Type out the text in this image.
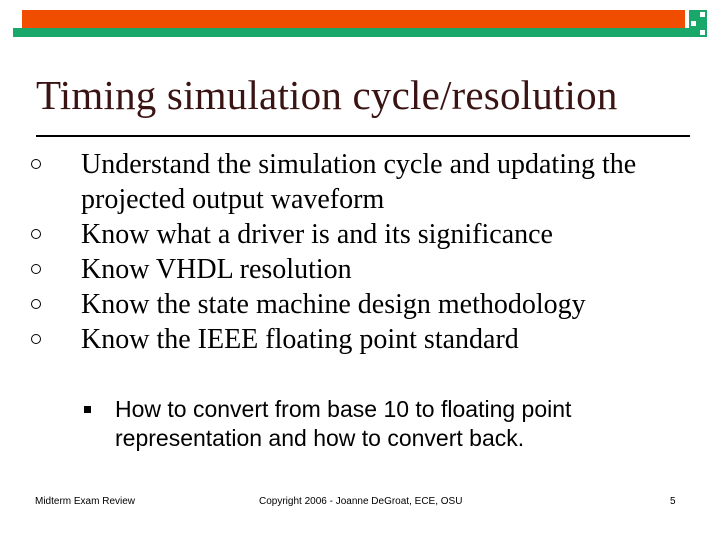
Timing simulation cycle/resolution
Understand the simulation cycle and updating the projected output waveform
Know what a driver is and its significance
Know VHDL resolution
Know the state machine design methodology
Know the IEEE floating point standard
How to convert from base 10 to floating point representation and how to convert back.
Midterm Exam Review	Copyright 2006 - Joanne DeGroat, ECE, OSU	5
